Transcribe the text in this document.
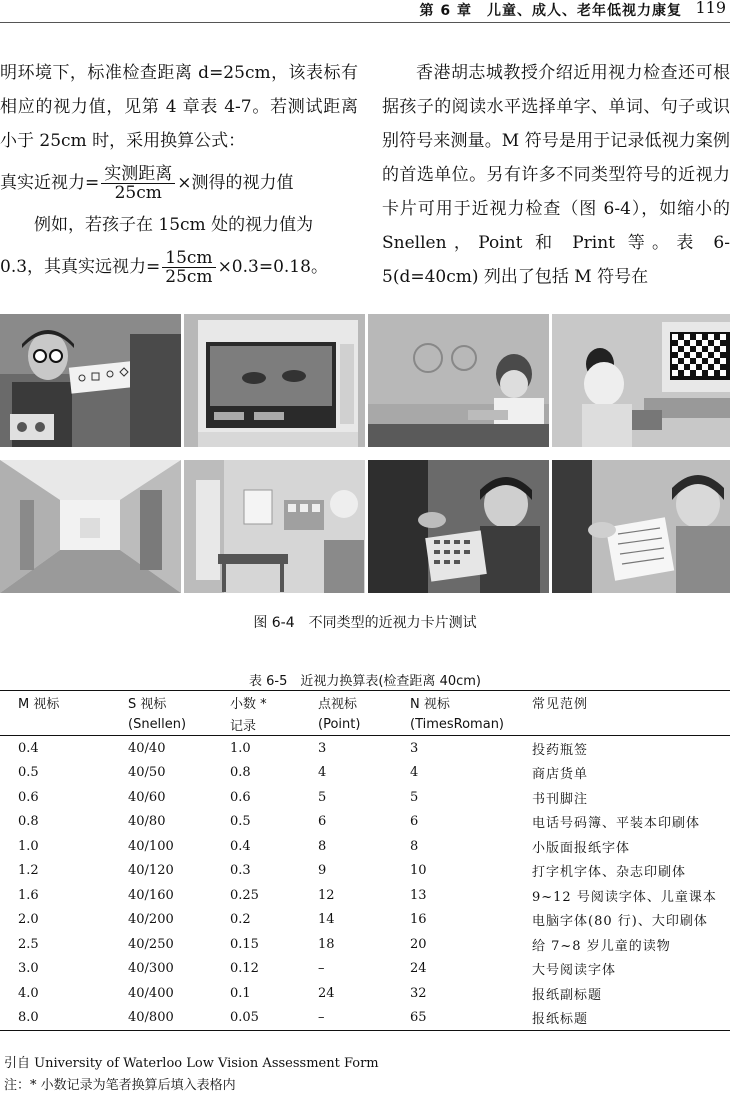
第 6 章　儿童、成人、老年低视力康复 119

明环境下，标准检查距离 d=25cm，该表标有相应的视力值，见第 4 章表 4-7。若测试距离小于 25cm 时，采用换算公式：

真实近视力= $\frac{\text{实测距离}}{25cm}$ ×测得的视力值

例如，若孩子在 15cm 处的视力值为

0.3，其真实远视力= $\frac{15cm}{25cm} \times 0.3=0.18$。

香港胡志城教授介绍近用视力检查还可根据孩子的阅读水平选择单字、单词、句子或识别符号来测量。M 符号是用于记录低视力案例的首选单位。另有许多不同类型符号的近视力卡片可用于近视力检查（图 6-4），如缩小的 Snellen，Point 和 Print 等。表 6-5(d=40cm) 列出了包括 M 符号在

图 6-4 不同类型的近视力卡片测试
表 6-5　近视力换算表(检查距离 40cm)
M 视标	S 视标	小数 *	点视标	N 视标	常见范例
	(Snellen)	记录	(Point)	(TimesRoman)	
0.4	40/40	1.0	3	3	投药瓶签
0.5	40/50	0.8	4	4	商店货单
0.6	40/60	0.6	5	5	书刊脚注
0.8	40/80	0.5	6	6	电话号码簿、平装本印刷体
1.0	40/100	0.4	8	8	小版面报纸字体
1.2	40/120	0.3	9	10	打字机字体、杂志印刷体
1.6	40/160	0.25	12	13	9~12 号阅读字体、儿童课本
2.0	40/200	0.2	14	16	电脑字体(80 行)、大印刷体
2.5	40/250	0.15	18	20	给 7~8 岁儿童的读物
3.0	40/300	0.12	–	24	大号阅读字体
4.0	40/400	0.1	24	32	报纸副标题
8.0	40/800	0.05	–	65	报纸标题
引自 University of Waterloo Low Vision Assessment Form
注：* 小数记录为笔者换算后填入表格内
